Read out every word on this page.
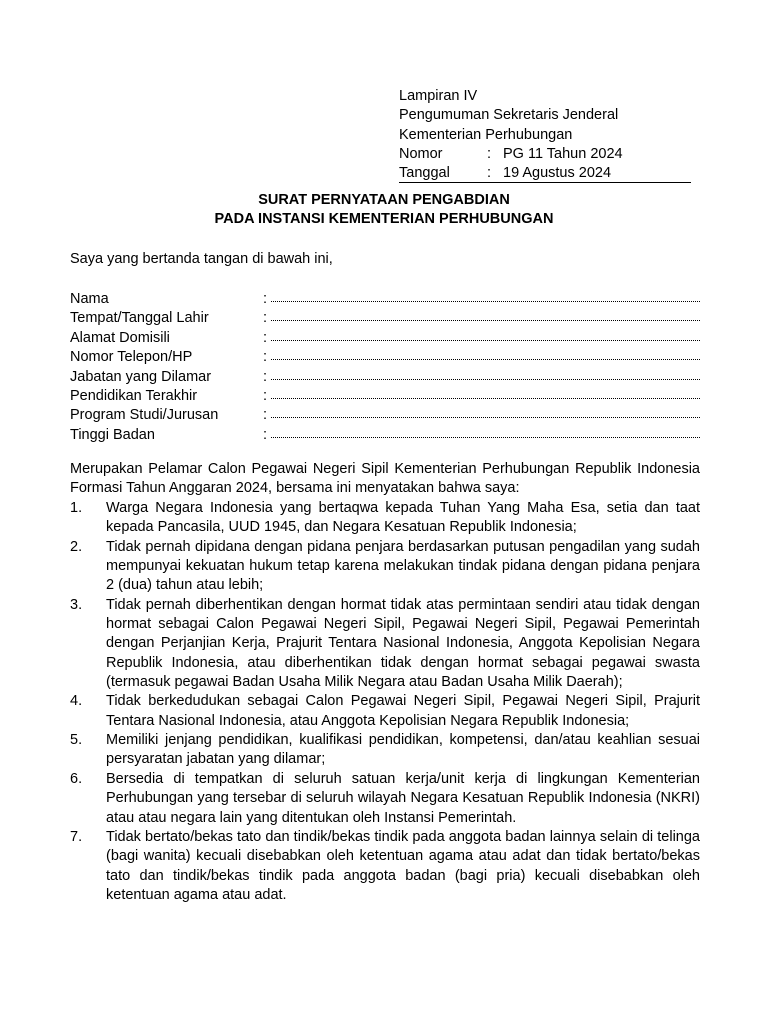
Lampiran IV
Pengumuman Sekretaris Jenderal
Kementerian Perhubungan
Nomor	: PG 11 Tahun 2024
Tanggal	: 19 Agustus 2024
SURAT PERNYATAAN PENGABDIAN
PADA INSTANSI KEMENTERIAN PERHUBUNGAN
Saya yang bertanda tangan di bawah ini,
Nama	:
Tempat/Tanggal Lahir	:
Alamat Domisili	:
Nomor Telepon/HP	:
Jabatan yang Dilamar	:
Pendidikan Terakhir	:
Program Studi/Jurusan	:
Tinggi Badan	:
Merupakan Pelamar Calon Pegawai Negeri Sipil Kementerian Perhubungan Republik Indonesia Formasi Tahun Anggaran 2024, bersama ini menyatakan bahwa saya:
1.	Warga Negara Indonesia yang bertaqwa kepada Tuhan Yang Maha Esa, setia dan taat kepada Pancasila, UUD 1945, dan Negara Kesatuan Republik Indonesia;
2.	Tidak pernah dipidana dengan pidana penjara berdasarkan putusan pengadilan yang sudah mempunyai kekuatan hukum tetap karena melakukan tindak pidana dengan pidana penjara 2 (dua) tahun atau lebih;
3.	Tidak pernah diberhentikan dengan hormat tidak atas permintaan sendiri atau tidak dengan hormat sebagai Calon Pegawai Negeri Sipil, Pegawai Negeri Sipil, Pegawai Pemerintah dengan Perjanjian Kerja, Prajurit Tentara Nasional Indonesia, Anggota Kepolisian Negara Republik Indonesia, atau diberhentikan tidak dengan hormat sebagai pegawai swasta (termasuk pegawai Badan Usaha Milik Negara atau Badan Usaha Milik Daerah);
4.	Tidak berkedudukan sebagai Calon Pegawai Negeri Sipil, Pegawai Negeri Sipil, Prajurit Tentara Nasional Indonesia, atau Anggota Kepolisian Negara Republik Indonesia;
5.	Memiliki jenjang pendidikan, kualifikasi pendidikan, kompetensi, dan/atau keahlian sesuai persyaratan jabatan yang dilamar;
6.	Bersedia di tempatkan di seluruh satuan kerja/unit kerja di lingkungan Kementerian Perhubungan yang tersebar di seluruh wilayah Negara Kesatuan Republik Indonesia (NKRI) atau atau negara lain yang ditentukan oleh Instansi Pemerintah.
7.	Tidak bertato/bekas tato dan tindik/bekas tindik pada anggota badan lainnya selain di telinga (bagi wanita) kecuali disebabkan oleh ketentuan agama atau adat dan tidak bertato/bekas tato dan tindik/bekas tindik pada anggota badan (bagi pria) kecuali disebabkan oleh ketentuan agama atau adat.
